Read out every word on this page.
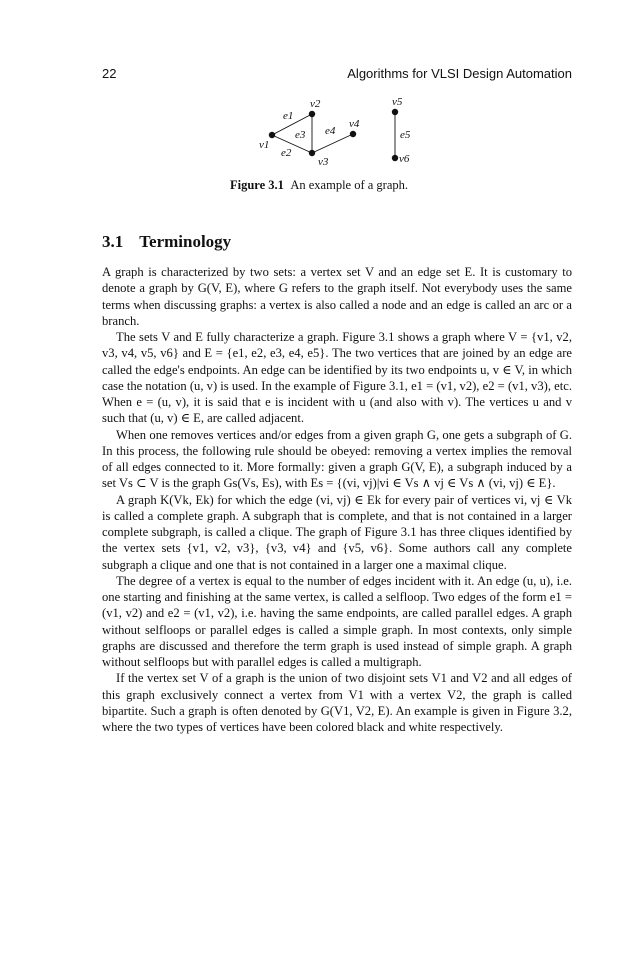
22	Algorithms for VLSI Design Automation
v1
v2
v3
v4
v5
v6
e1
e2
e3 e4	e5
Figure 3.1 An example of a graph.
3.1 Terminology

A graph is characterized by two sets: a vertex set V and an edge set E. It is customary to denote a graph by G(V, E), where G refers to the graph itself. Not everybody uses the same terms when discussing graphs: a vertex is also called a node and an edge is called an arc or a branch.

The sets V and E fully characterize a graph. Figure 3.1 shows a graph where V = {v1, v2, v3, v4, v5, v6} and E = {e1, e2, e3, e4, e5}. The two vertices that are joined by an edge are called the edge's endpoints. An edge can be identified by its two endpoints u, v ∈ V, in which case the notation (u, v) is used. In the example of Figure 3.1, e1 = (v1, v2), e2 = (v1, v3), etc. When e = (u, v), it is said that e is incident with u (and also with v). The vertices u and v such that (u, v) ∈ E, are called adjacent.

When one removes vertices and/or edges from a given graph G, one gets a subgraph of G. In this process, the following rule should be obeyed: removing a vertex implies the removal of all edges connected to it. More formally: given a graph G(V, E), a subgraph induced by a set Vs ⊂ V is the graph Gs(Vs, Es), with Es = {(vi, vj)|vi ∈ Vs ∧ vj ∈ Vs ∧ (vi, vj) ∈ E}.

A graph K(Vk, Ek) for which the edge (vi, vj) ∈ Ek for every pair of vertices vi, vj ∈ Vk is called a complete graph. A subgraph that is complete, and that is not contained in a larger complete subgraph, is called a clique. The graph of Figure 3.1 has three cliques identified by the vertex sets {v1, v2, v3}, {v3, v4} and {v5, v6}. Some authors call any complete subgraph a clique and one that is not contained in a larger one a maximal clique.

The degree of a vertex is equal to the number of edges incident with it. An edge (u, u), i.e. one starting and finishing at the same vertex, is called a selfloop. Two edges of the form e1 = (v1, v2) and e2 = (v1, v2), i.e. having the same endpoints, are called parallel edges. A graph without selfloops or parallel edges is called a simple graph. In most contexts, only simple graphs are discussed and therefore the term graph is used instead of simple graph. A graph without selfloops but with parallel edges is called a multigraph.

If the vertex set V of a graph is the union of two disjoint sets V1 and V2 and all edges of this graph exclusively connect a vertex from V1 with a vertex V2, the graph is called bipartite. Such a graph is often denoted by G(V1, V2, E). An example is given in Figure 3.2, where the two types of vertices have been colored black and white respectively.
